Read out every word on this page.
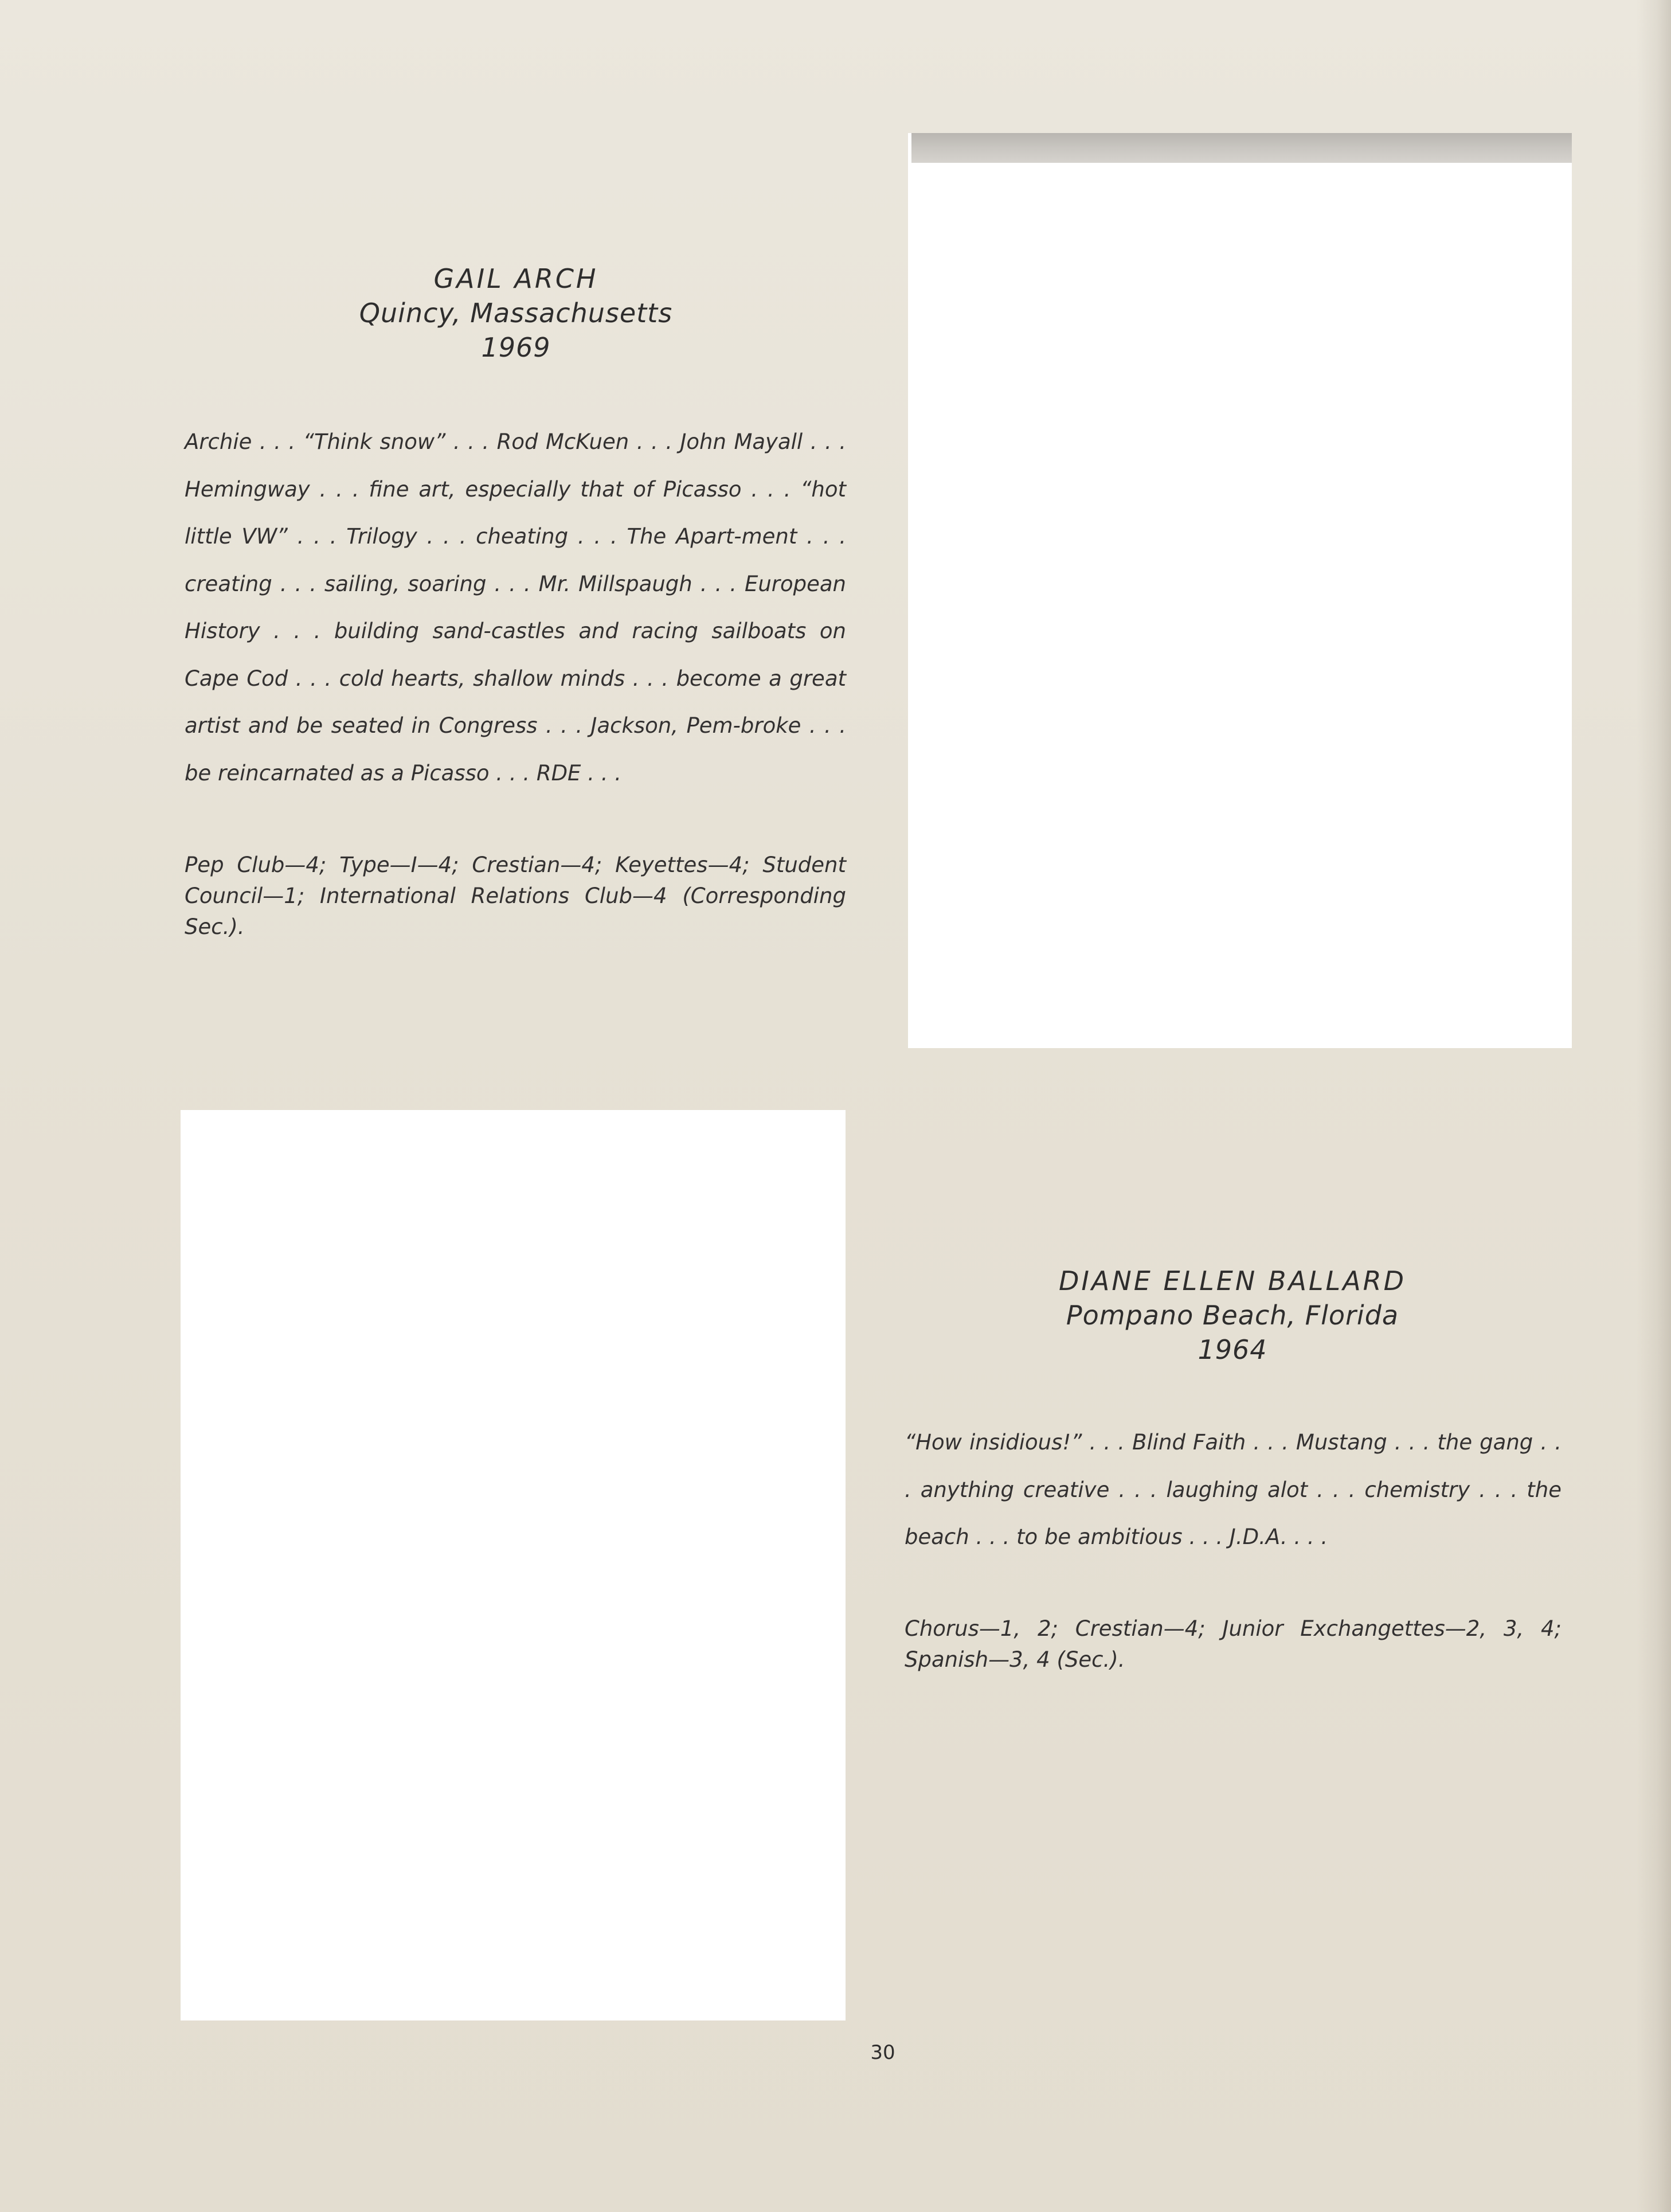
GAIL ARCH
Quincy, Massachusetts
1969
Archie . . . “Think snow” . . . Rod McKuen . . . John Mayall . . . Hemingway . . . fine art, especially that of Picasso . . . “hot little VW” . . . Trilogy . . . cheating . . . The Apart-ment . . . creating . . . sailing, soaring . . . Mr. Millspaugh . . . European History . . . building sand-castles and racing sailboats on Cape Cod . . . cold hearts, shallow minds . . . become a great artist and be seated in Congress . . . Jackson, Pem-broke . . . be reincarnated as a Picasso . . . RDE . . .
Pep Club—4; Type—I—4; Crestian—4; Keyettes—4; Student Council—1; International Relations Club—4 (Corresponding Sec.).
DIANE ELLEN BALLARD
Pompano Beach, Florida
1964
“How insidious!” . . . Blind Faith . . . Mustang . . . the gang . . . anything creative . . . laughing alot . . . chemistry . . . the beach . . . to be ambitious . . . J.D.A. . . .
Chorus—1, 2; Crestian—4; Junior Exchangettes—2, 3, 4; Spanish—3, 4 (Sec.).
30
